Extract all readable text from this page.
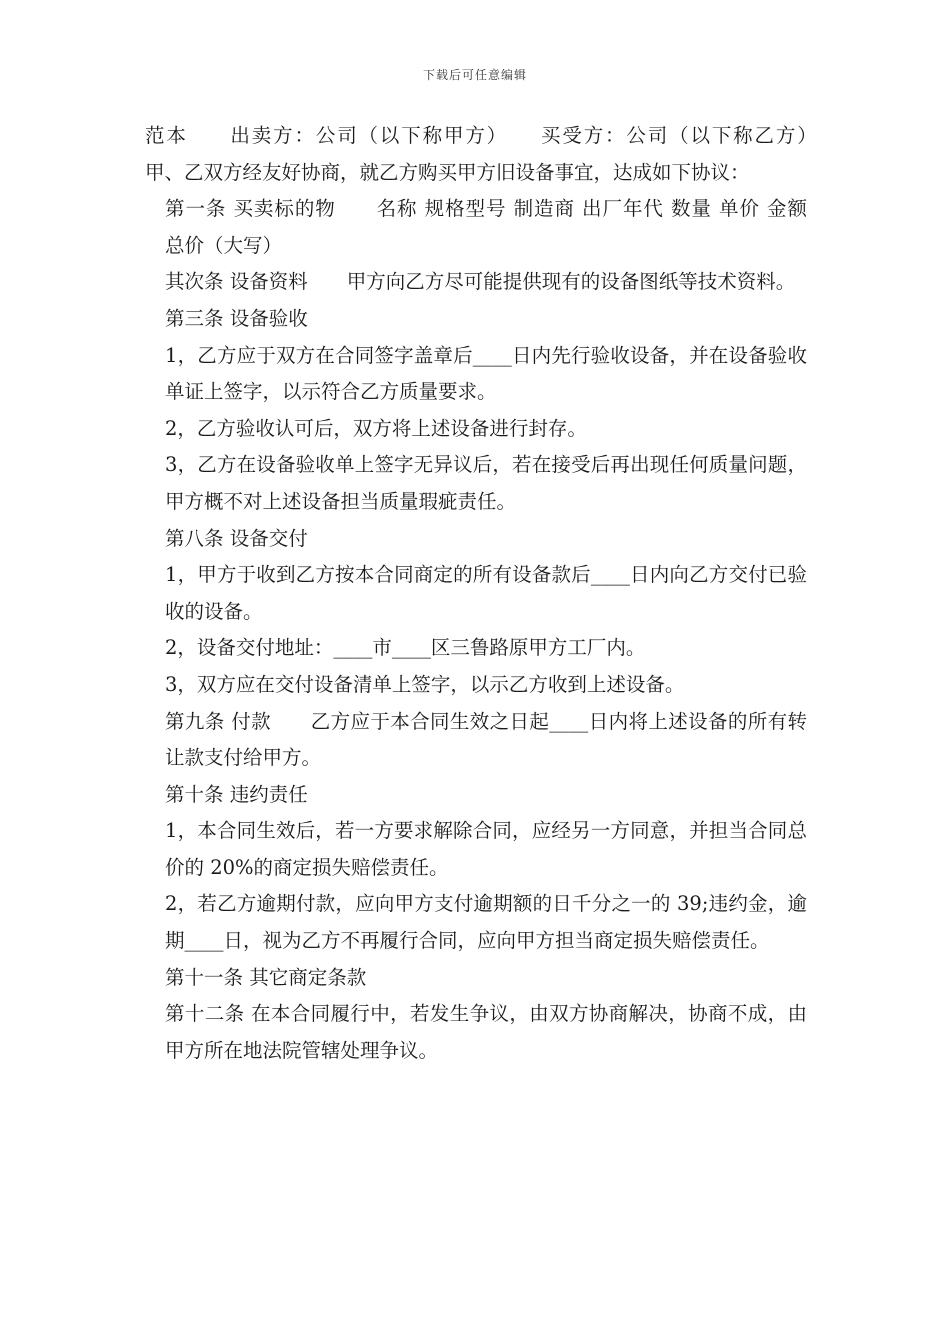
下载后可任意编辑

范本　　出卖方：公司（以下称甲方）　　买受方：公司（以下称乙方）　　甲、乙双方经友好协商，就乙方购买甲方旧设备事宜，达成如下协议：

第一条 买卖标的物　　名称 规格型号 制造商 出厂年代 数量 单价 金额　　总价（大写）

其次条 设备资料　　甲方向乙方尽可能提供现有的设备图纸等技术资料。

第三条 设备验收

1，乙方应于双方在合同签字盖章后____日内先行验收设备，并在设备验收单证上签字，以示符合乙方质量要求。

2，乙方验收认可后，双方将上述设备进行封存。

3，乙方在设备验收单上签字无异议后，若在接受后再出现任何质量问题，甲方概不对上述设备担当质量瑕疵责任。

第八条 设备交付

1，甲方于收到乙方按本合同商定的所有设备款后____日内向乙方交付已验收的设备。

2，设备交付地址：____市____区三鲁路原甲方工厂内。

3，双方应在交付设备清单上签字，以示乙方收到上述设备。

第九条 付款　　乙方应于本合同生效之日起____日内将上述设备的所有转让款支付给甲方。

第十条 违约责任

1，本合同生效后，若一方要求解除合同，应经另一方同意，并担当合同总价的 20%的商定损失赔偿责任。

2，若乙方逾期付款，应向甲方支付逾期额的日千分之一的 39;违约金，逾期____日，视为乙方不再履行合同，应向甲方担当商定损失赔偿责任。

第十一条 其它商定条款

第十二条 在本合同履行中，若发生争议，由双方协商解决，协商不成，由甲方所在地法院管辖处理争议。
